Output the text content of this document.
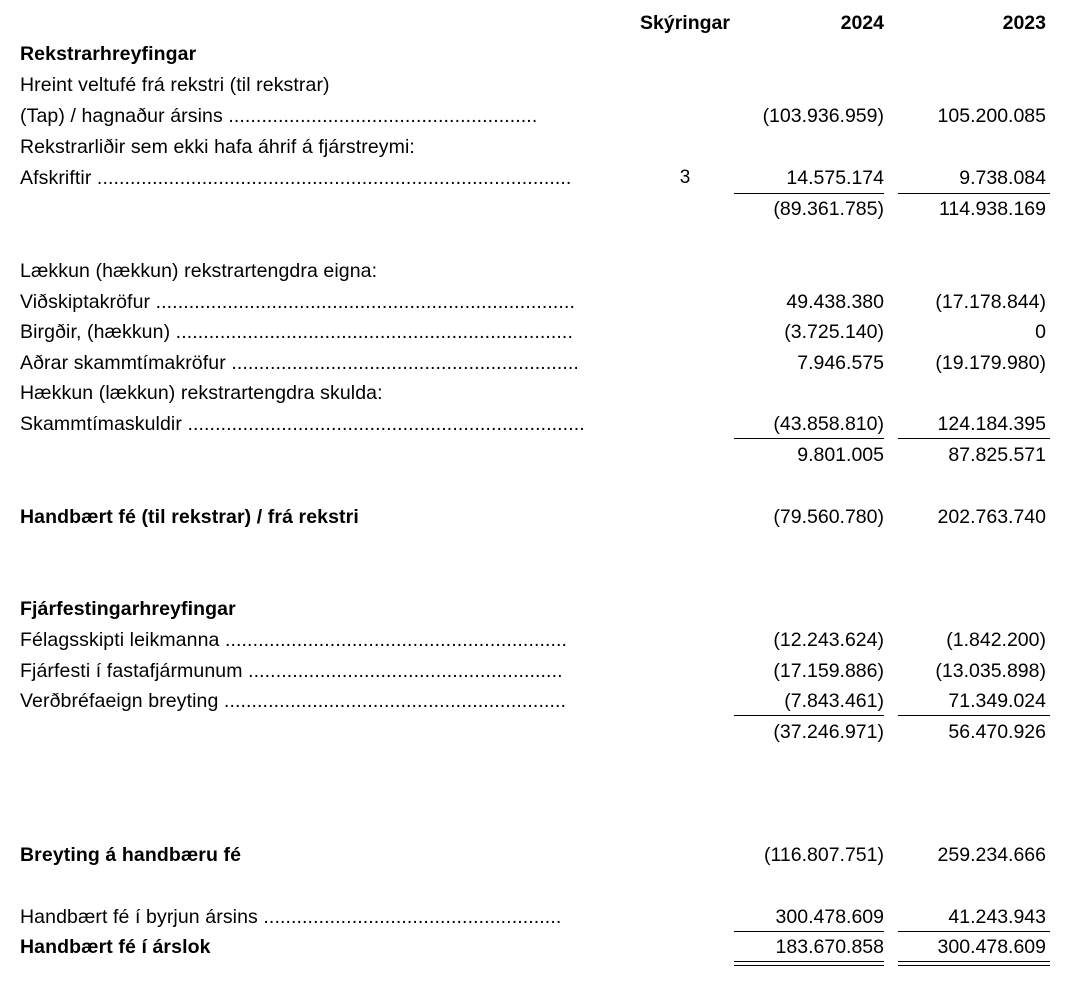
Skýringar	2024	2023
Rekstrarhreyfingar
Hreint veltufé frá rekstri (til rekstrar)
(Tap) / hagnaður ársins ........................................................	(103.936.959)	105.200.085
Rekstrarliðir sem ekki hafa áhrif á fjárstreymi:
Afskriftir ......................................................................................	3	14.575.174	9.738.084
(89.361.785)	114.938.169
Lækkun (hækkun) rekstrartengdra eigna:
Viðskiptakröfur ............................................................................	49.438.380	(17.178.844)
Birgðir, (hækkun) ........................................................................	(3.725.140)	0
Aðrar skammtímakröfur ...............................................................	7.946.575	(19.179.980)
Hækkun (lækkun) rekstrartengdra skulda:
Skammtímaskuldir ........................................................................	(43.858.810)	124.184.395
9.801.005	87.825.571
Handbært fé (til rekstrar) / frá rekstri	(79.560.780)	202.763.740
Fjárfestingarhreyfingar
Félagsskipti leikmanna ..............................................................	(12.243.624)	(1.842.200)
Fjárfesti í fastafjármunum .........................................................	(17.159.886)	(13.035.898)
Verðbréfaeign breyting ..............................................................	(7.843.461)	71.349.024
(37.246.971)	56.470.926
Breyting á handbæru fé	(116.807.751)	259.234.666
Handbært fé í byrjun ársins ......................................................	300.478.609	41.243.943
Handbært fé í árslok	183.670.858	300.478.609
